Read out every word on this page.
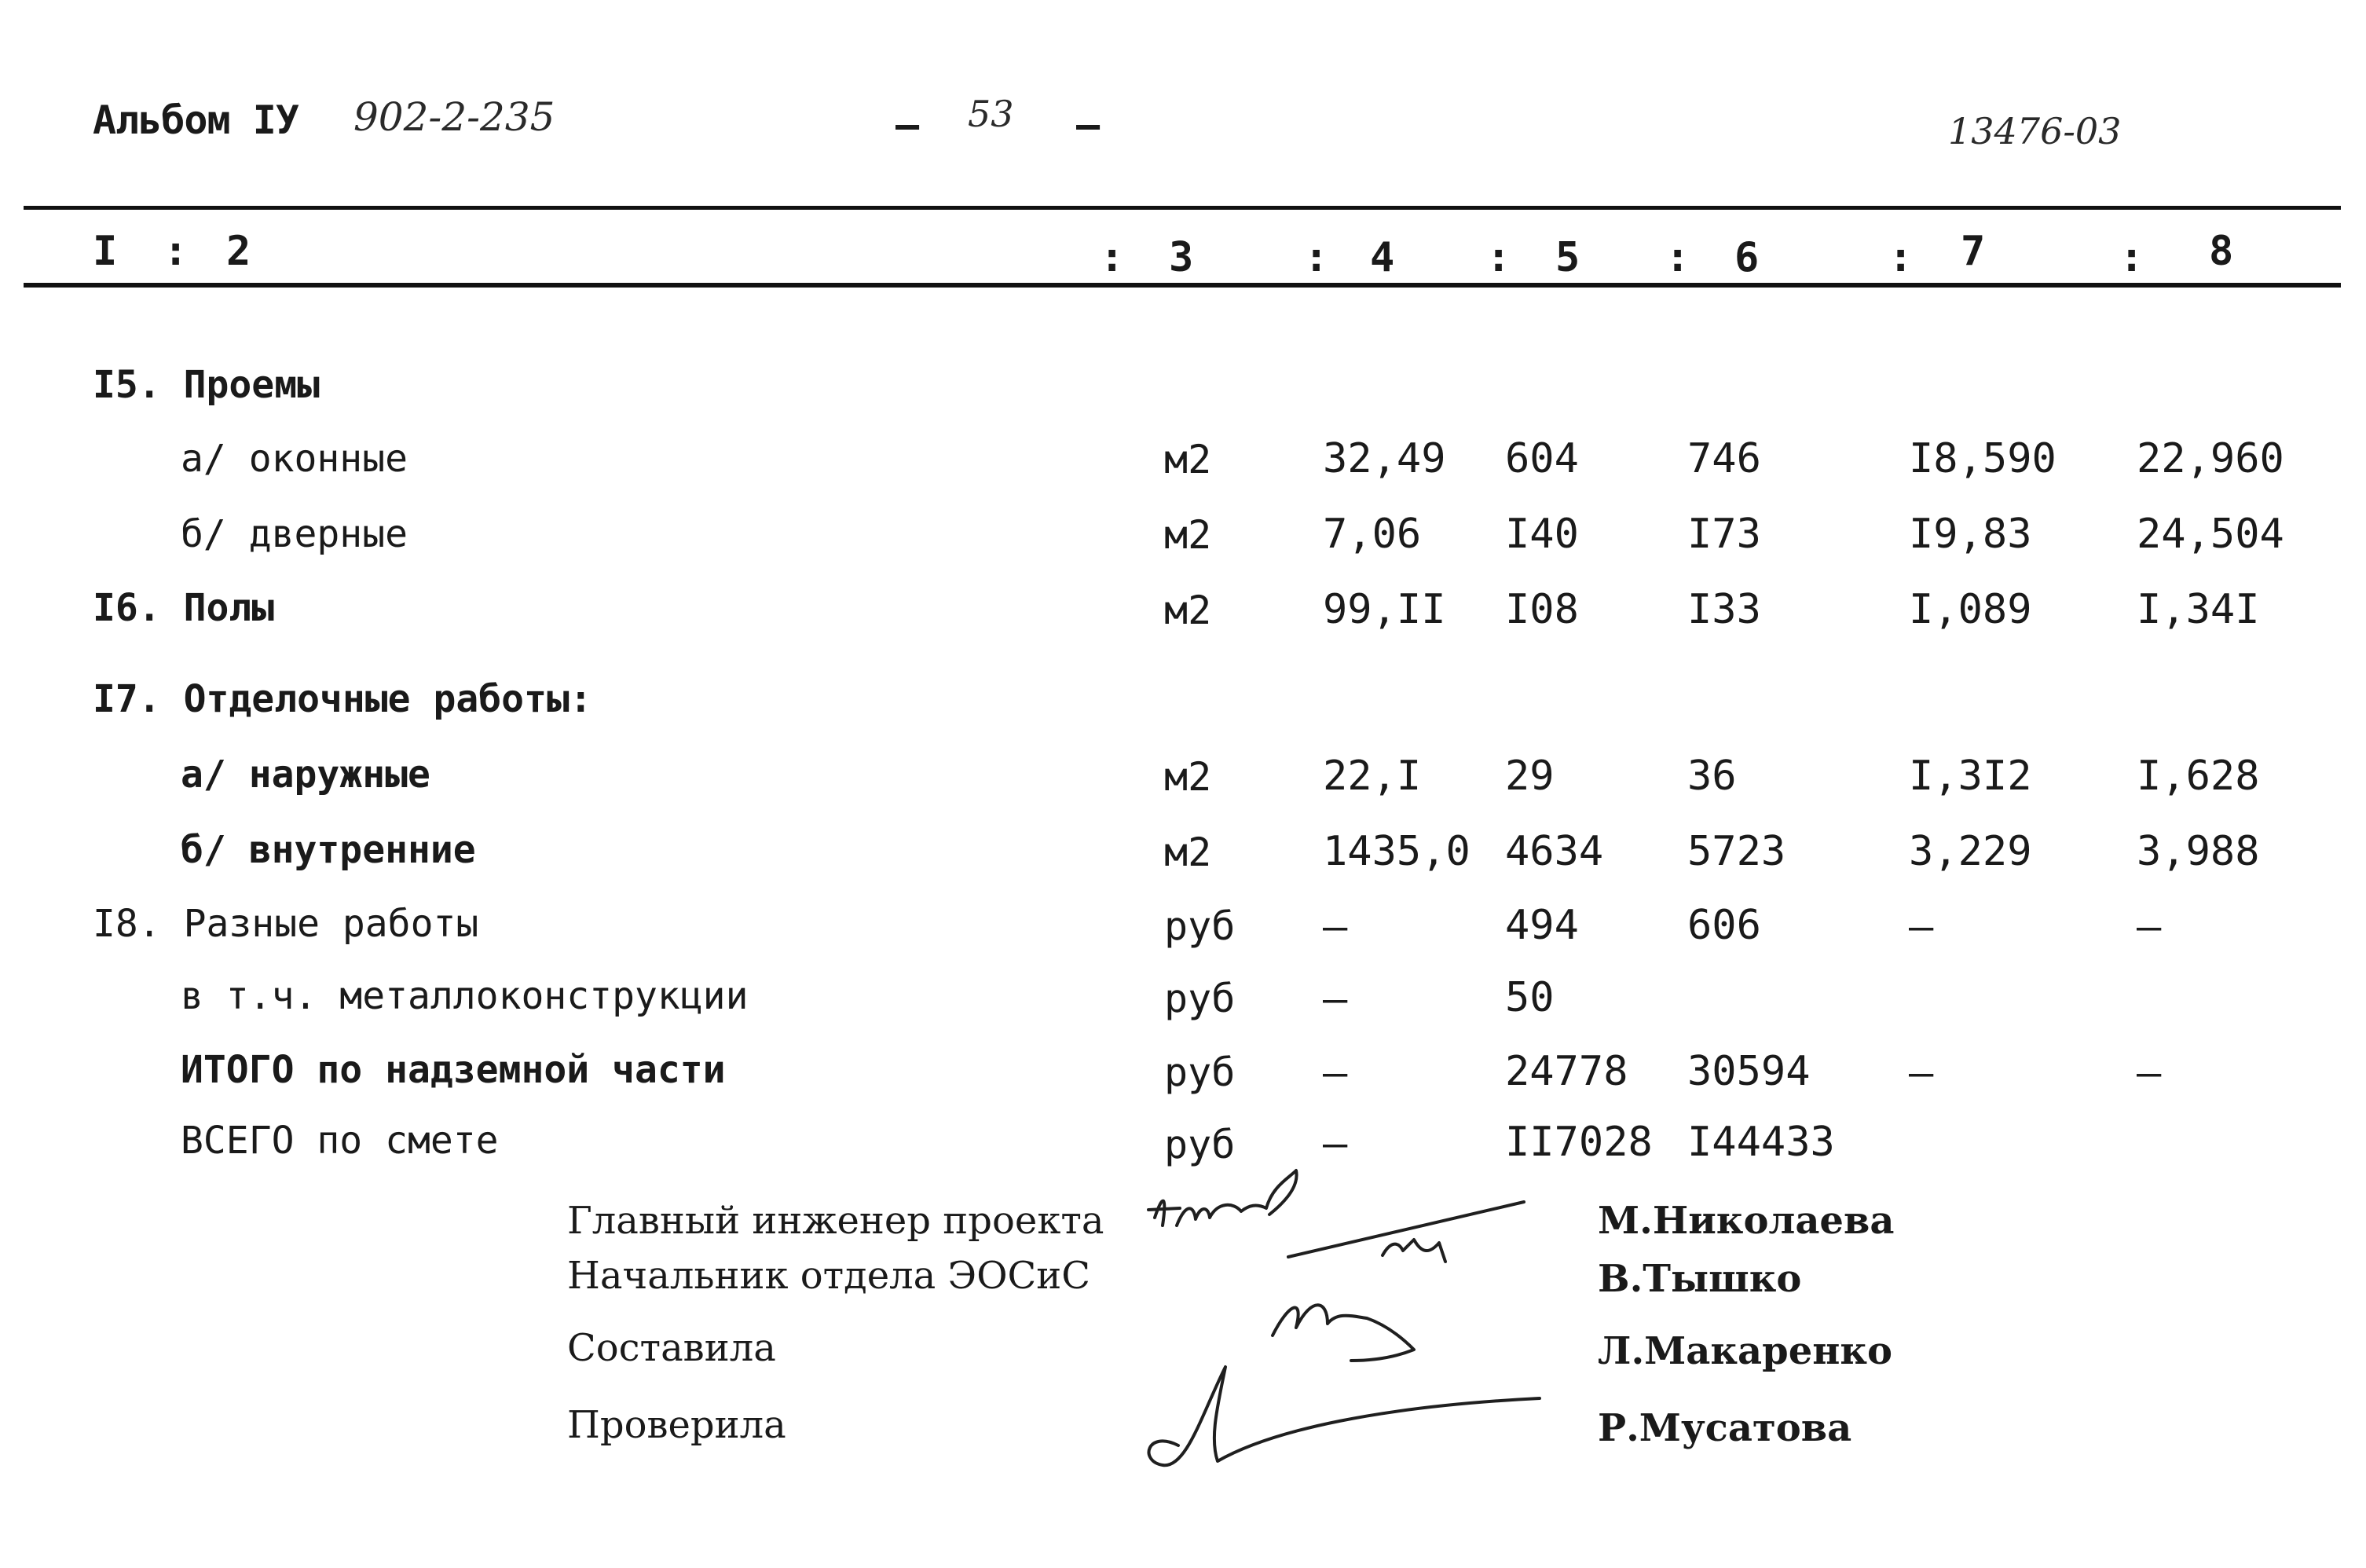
Альбом IУ 902-2-235	– 53 –	13476-03
I : 2	: 3	: 4 : 5 : 6	: 7	: 8
I5. Проемы
а/ оконные	м2	32,49 604	746	I8,590 22,960
б/ дверные	м2	7,06 I40	I73	I9,83	24,504
I6. Полы	м2	99,II I08	I33	I,089	I,34I
I7. Отделочные работы:
а/ наружные	м2	22,I 29	36	I,3I2	I,628
б/ внутренние	м2	1435,0 4634 5723	3,229	3,988
I8. Разные работы	руб –	494	606	–	–
в т.ч. металлоконструкции	руб –	50
ИТОГО по надземной части	руб –	24778 30594 –	–
ВСЕГО по смете	руб –	II7028 I44433
Главный инженер проекта	М.Николаева
Начальник отдела ЭОСиС	В.Тышко
Составила	Л.Макаренко
Проверила	Р.Мусатова
